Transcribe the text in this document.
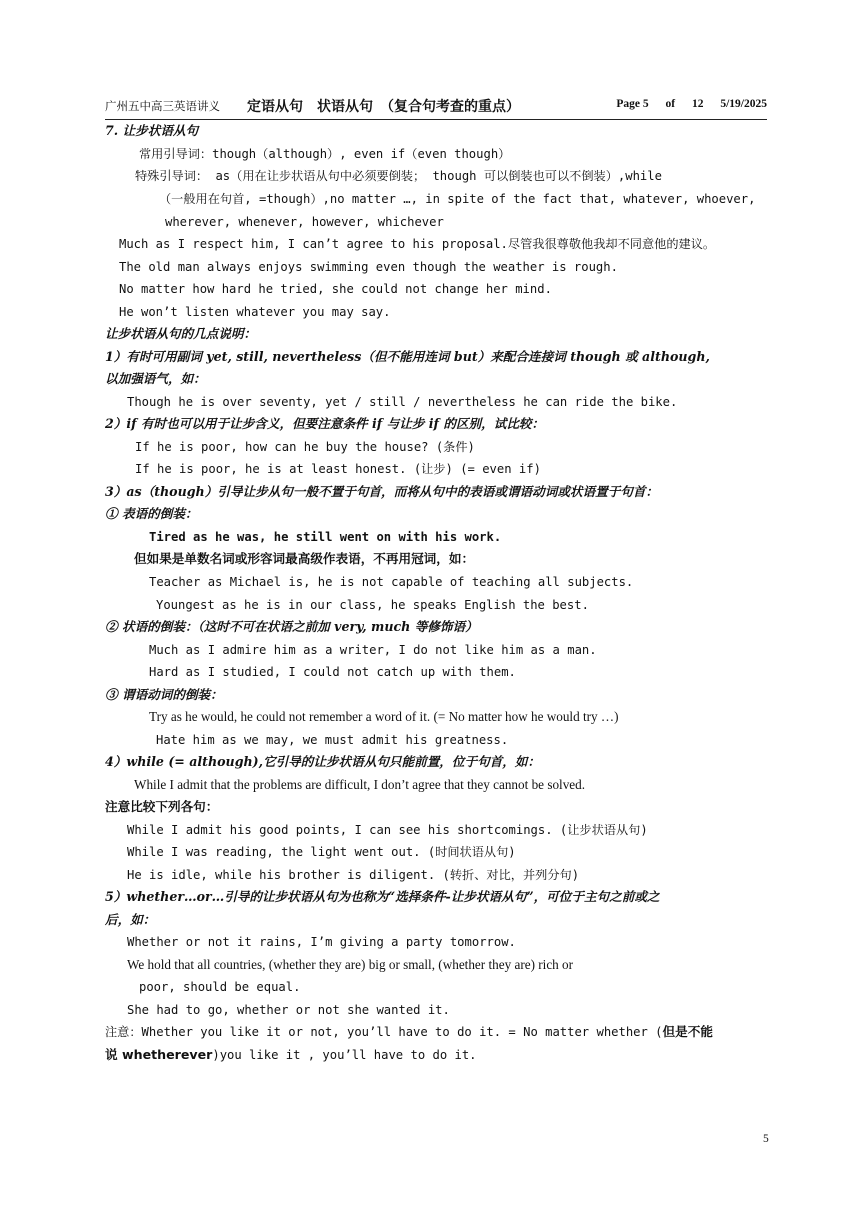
广州五中高三英语讲义 定语从句　状语从句　（复合句考查的重点）	Page 5 of 12 5/19/2025
7. 让步状语从句
常用引导词：though（although）, even if（even though）
特殊引导词： as（用在让步状语从句中必须要倒装； though 可以倒装也可以不倒装）,while
（一般用在句首, =though）,no matter …, in spite of the fact that, whatever, whoever,
wherever, whenever, however, whichever
Much as I respect him, I can’t agree to his proposal.尽管我很尊敬他我却不同意他的建议。
The old man always enjoys swimming even though the weather is rough.
No matter how hard he tried, she could not change her mind.
He won’t listen whatever you may say.
让步状语从句的几点说明：
1）有时可用副词 yet, still, nevertheless（但不能用连词 but）来配合连接词 though 或 although,
以加强语气，如：
Though he is over seventy, yet / still / nevertheless he can ride the bike.
2）if 有时也可以用于让步含义，但要注意条件 if 与让步 if 的区别，试比较：
If he is poor, how can he buy the house? (条件)
If he is poor, he is at least honest. (让步) (= even if)
3）as（though）引导让步从句一般不置于句首，而将从句中的表语或谓语动词或状语置于句首：
① 表语的倒装：
Tired as he was, he still went on with his work.
但如果是单数名词或形容词最高级作表语，不再用冠词，如：
Teacher as Michael is, he is not capable of teaching all subjects.
Youngest as he is in our class, he speaks English the best.
② 状语的倒装：（这时不可在状语之前加 very, much 等修饰语）
Much as I admire him as a writer, I do not like him as a man.
Hard as I studied, I could not catch up with them.
③ 谓语动词的倒装：
Try as he would, he could not remember a word of it. (= No matter how he would try …)
Hate him as we may, we must admit his greatness.
4）while (= although),它引导的让步状语从句只能前置，位于句首，如：
While I admit that the problems are difficult, I don’t agree that they cannot be solved.
注意比较下列各句：
While I admit his good points, I can see his shortcomings. (让步状语从句)
While I was reading, the light went out. (时间状语从句)
He is idle, while his brother is diligent. (转折、对比，并列分句)
5）whether…or…引导的让步状语从句为也称为“选择条件-让步状语从句”，可位于主句之前或之
后，如：
Whether or not it rains, I’m giving a party tomorrow.
We hold that all countries, (whether they are) big or small, (whether they are) rich or
poor, should be equal.
She had to go, whether or not she wanted it.
注意：Whether you like it or not, you’ll have to do it. = No matter whether (但是不能
说 whetherever)you like it , you’ll have to do it.
5
